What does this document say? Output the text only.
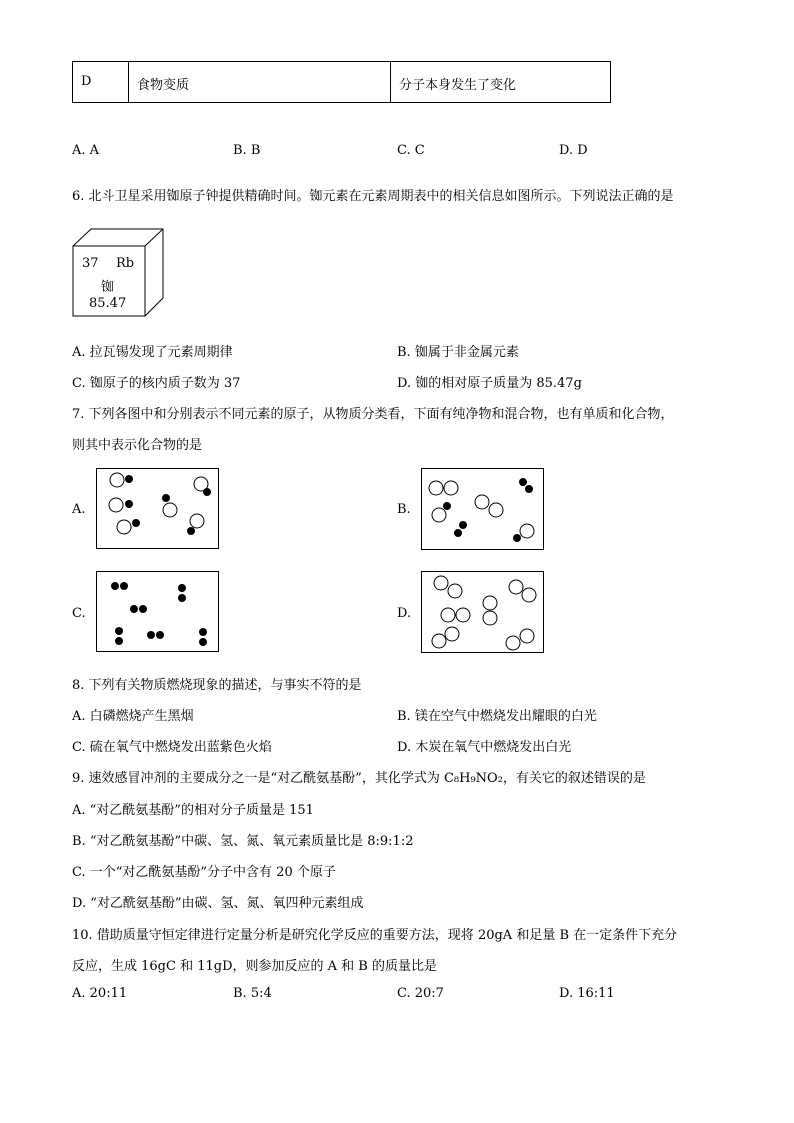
D	食物变质	分子本身发生了变化
A. A	B. B	C. C	D. D
6. 北斗卫星采用铷原子钟提供精确时间。铷元素在元素周期表中的相关信息如图所示。下列说法正确的是
37 Rb
铷
85.47
A. 拉瓦锡发现了元素周期律	B. 铷属于非金属元素
C. 铷原子的核内质子数为 37	D. 铷的相对原子质量为 85.47g
7. 下列各图中和分别表示不同元素的原子，从物质分类看，下面有纯净物和混合物，也有单质和化合物，
则其中表示化合物的是
A.	B.
C.	D.
8. 下列有关物质燃烧现象的描述，与事实不符的是
A. 白磷燃烧产生黑烟	B. 镁在空气中燃烧发出耀眼的白光
C. 硫在氧气中燃烧发出蓝紫色火焰	D. 木炭在氧气中燃烧发出白光
9. 速效感冒冲剂的主要成分之一是“对乙酰氨基酚”，其化学式为 C₈H₉NO₂，有关它的叙述错误的是
A. “对乙酰氨基酚”的相对分子质量是 151
B. “对乙酰氨基酚”中碳、氢、氮、氧元素质量比是 8:9:1:2
C. 一个“对乙酰氨基酚”分子中含有 20 个原子
D. “对乙酰氨基酚”由碳、氢、氮、氧四种元素组成
10. 借助质量守恒定律进行定量分析是研究化学反应的重要方法，现将 20gA 和足量 B 在一定条件下充分
反应，生成 16gC 和 11gD，则参加反应的 A 和 B 的质量比是
A. 20:11	B. 5:4	C. 20:7	D. 16:11
